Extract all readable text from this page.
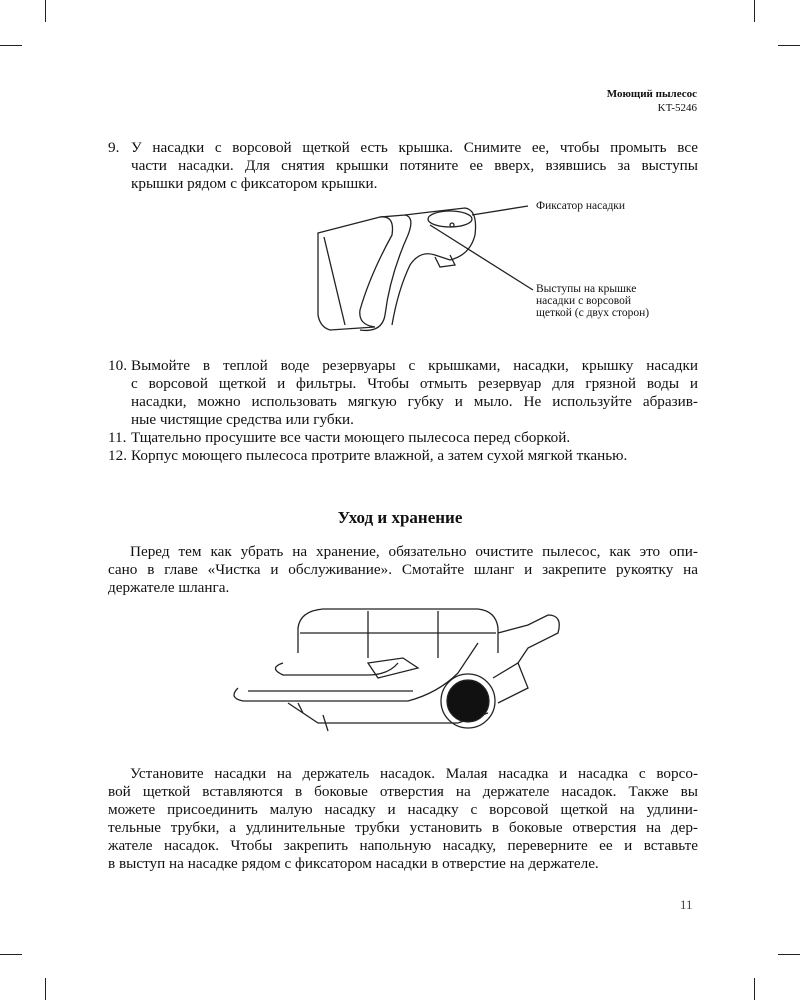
Моющий пылесос
KT-5246
9. У насадки с ворсовой щеткой есть крышка. Снимите ее, чтобы промыть все
части насадки. Для снятия крышки потяните ее вверх, взявшись за выступы
крышки рядом с фиксатором крышки.
Фиксатор насадки
Выступы на крышке
насадки с ворсовой
щеткой (с двух сторон)
10. Вымойте в теплой воде резервуары с крышками, насадки, крышку насадки
с ворсовой щеткой и фильтры. Чтобы отмыть резервуар для грязной воды и
насадки, можно использовать мягкую губку и мыло. Не используйте абразив-
ные чистящие средства или губки.
11. Тщательно просушите все части моющего пылесоса перед сборкой.
12. Корпус моющего пылесоса протрите влажной, а затем сухой мягкой тканью.
Уход и хранение
Перед тем как убрать на хранение, обязательно очистите пылесос, как это опи-
сано в главе «Чистка и обслуживание». Смотайте шланг и закрепите рукоятку на
держателе шланга.
Установите насадки на держатель насадок. Малая насадка и насадка с ворсо-
вой щеткой вставляются в боковые отверстия на держателе насадок. Также вы
можете присоединить малую насадку и насадку с ворсовой щеткой на удлини-
тельные трубки, а удлинительные трубки установить в боковые отверстия на дер-
жателе насадок. Чтобы закрепить напольную насадку, переверните ее и вставьте
в выступ на насадке рядом с фиксатором насадки в отверстие на держателе.
11
